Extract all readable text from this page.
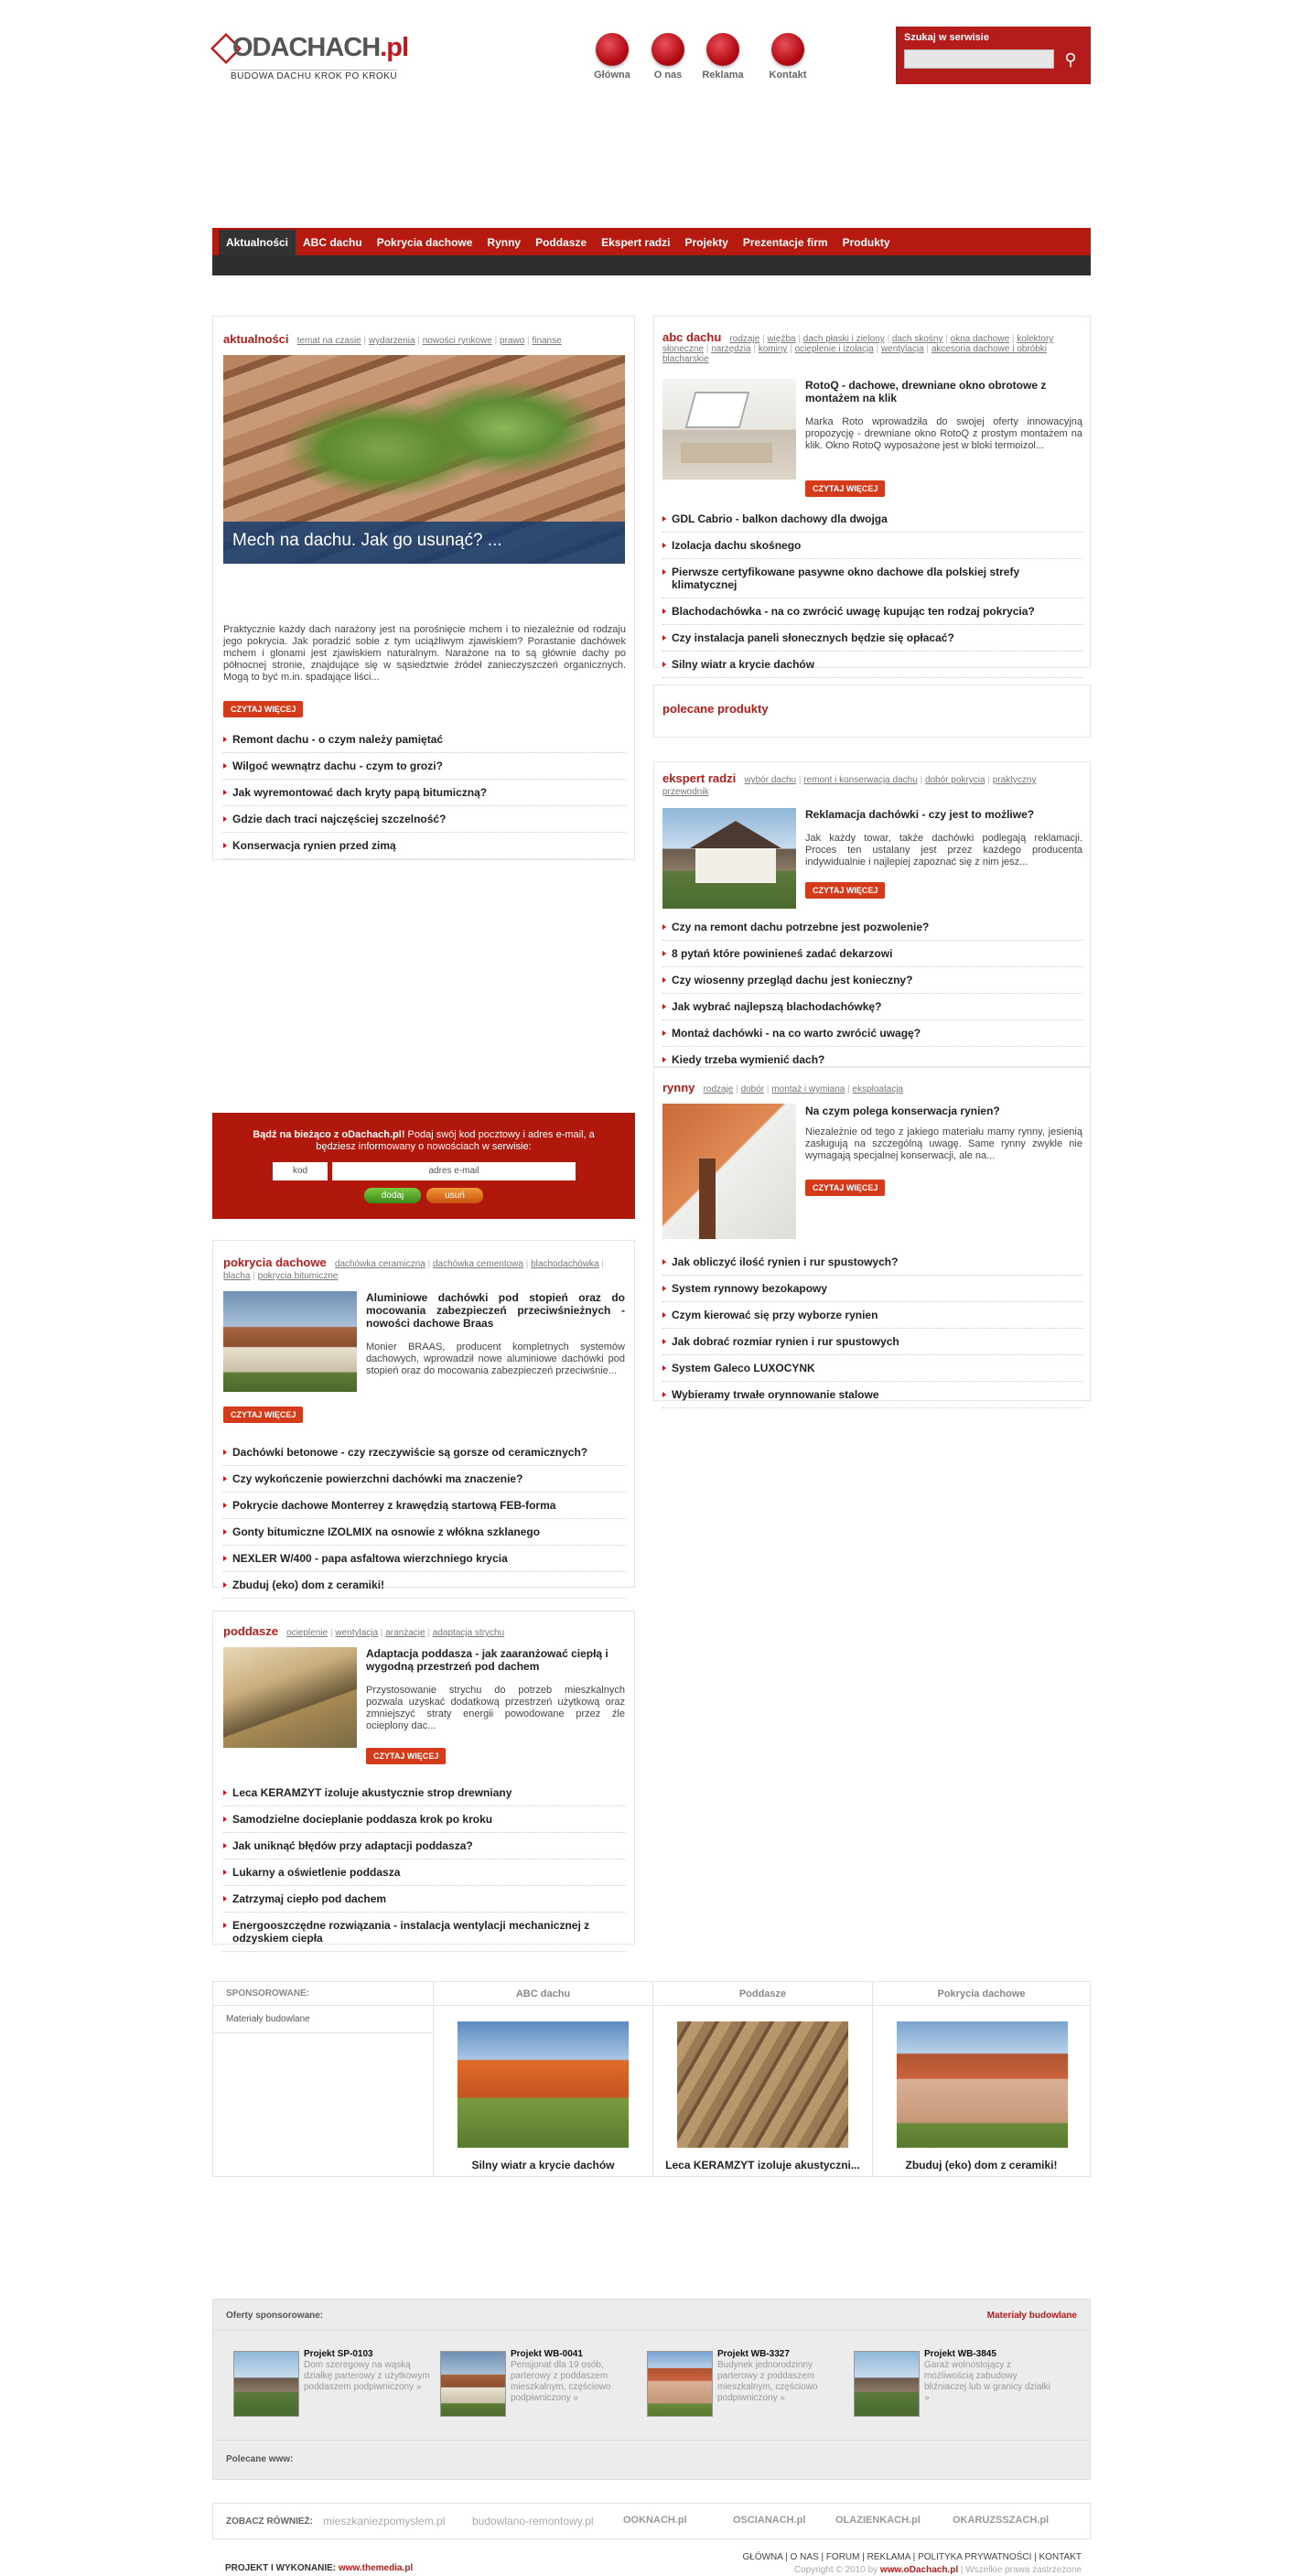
ODACHACH.pl
BUDOWA DACHU KROK PO KROKU	Główna	O nas	Reklama	Kontakt
Szukaj w serwisie
⚲
Aktualności ABC dachu Pokrycia dachowe Rynny Poddasze Ekspert radzi Projekty Prezentacje firm Produkty
aktualności temat na czasie | wydarzenia | nowości rynkowe | prawo | finanse
Mech na dachu. Jak go usunąć? ...
Praktycznie każdy dach narażony jest na porośnięcie mchem i to niezależnie od rodzaju jego pokrycia. Jak poradzić sobie z tym uciążliwym zjawiskiem? Porastanie dachówek mchem i glonami jest zjawiskiem naturalnym. Narażone na to są głównie dachy po północnej stronie, znajdujące się w sąsiedztwie źródeł zanieczyszczeń organicznych. Mogą to być m.in. spadające liści...
CZYTAJ WIĘCEJ
Remont dachu - o czym należy pamiętać
Wilgoć wewnątrz dachu - czym to grozi?
Jak wyremontować dach kryty papą bitumiczną?
Gdzie dach traci najczęściej szczelność?
Konserwacja rynien przed zimą
abc dachu rodzaje | więźba | dach płaski i zielony | dach skośny | okna dachowe | kolektory słoneczne | narzędzia | kominy | ocieplenie i izolacja | wentylacja | akcesoria dachowe i obróbki blacharskie
RotoQ - dachowe, drewniane okno obrotowe z montażem na klik
Marka Roto wprowadziła do swojej oferty innowacyjną propozycję - drewniane okno RotoQ z prostym montażem na klik. Okno RotoQ wyposażone jest w bloki termoizol...
CZYTAJ WIĘCEJ
GDL Cabrio - balkon dachowy dla dwojga
Izolacja dachu skośnego
Pierwsze certyfikowane pasywne okno dachowe dla polskiej strefy klimatycznej
Blachodachówka - na co zwrócić uwagę kupując ten rodzaj pokrycia?
Czy instalacja paneli słonecznych będzie się opłacać?
Silny wiatr a krycie dachów
polecane produkty
ekspert radzi wybór dachu | remont i konserwacja dachu | dobór pokrycia | praktyczny przewodnik
Reklamacja dachówki - czy jest to możliwe?
Jak każdy towar, także dachówki podlegają reklamacji. Proces ten ustalany jest przez każdego producenta indywidualnie i najlepiej zapoznać się z nim jesz...
CZYTAJ WIĘCEJ
Czy na remont dachu potrzebne jest pozwolenie?
8 pytań które powinieneś zadać dekarzowi
Czy wiosenny przegląd dachu jest konieczny?
Jak wybrać najlepszą blachodachówkę?
Montaż dachówki - na co warto zwrócić uwagę?
Kiedy trzeba wymienić dach?
rynny rodzaje | dobór | montaż i wymiana | eksploatacja
Na czym polega konserwacja rynien?
Niezależnie od tego z jakiego materiału mamy rynny, jesienią zasługują na szczególną uwagę. Same rynny zwykle nie wymagają specjalnej konserwacji, ale na...
CZYTAJ WIĘCEJ
Jak obliczyć ilość rynien i rur spustowych?
System rynnowy bezokapowy
Czym kierować się przy wyborze rynien
Jak dobrać rozmiar rynien i rur spustowych
System Galeco LUXOCYNK
Wybieramy trwałe orynnowanie stalowe
Bądź na bieżąco z oDachach.pl! Podaj swój kod pocztowy i adres e-mail, a będziesz informowany o nowościach w serwisie:
kod	adres e-mail
dodaj	usuń
pokrycia dachowe dachówka ceramiczna | dachówka cementowa | blachodachówka | blacha | pokrycia bitumiczne
Aluminiowe dachówki pod stopień oraz do mocowania zabezpieczeń przeciwśnieżnych - nowości dachowe Braas
Monier BRAAS, producent kompletnych systemów dachowych, wprowadził nowe aluminiowe dachówki pod stopień oraz do mocowania zabezpieczeń przeciwśnie...
CZYTAJ WIĘCEJ
Dachówki betonowe - czy rzeczywiście są gorsze od ceramicznych?
Czy wykończenie powierzchni dachówki ma znaczenie?
Pokrycie dachowe Monterrey z krawędzią startową FEB-forma
Gonty bitumiczne IZOLMIX na osnowie z włókna szklanego
NEXLER W/400 - papa asfaltowa wierzchniego krycia
Zbuduj (eko) dom z ceramiki!
poddasze ocieplenie | wentylacja | aranżacje | adaptacja strychu
Adaptacja poddasza - jak zaaranżować ciepłą i wygodną przestrzeń pod dachem
Przystosowanie strychu do potrzeb mieszkalnych pozwala uzyskać dodatkową przestrzeń użytkową oraz zmniejszyć straty energii powodowane przez źle ocieplony dac...
CZYTAJ WIĘCEJ
Leca KERAMZYT izoluje akustycznie strop drewniany
Samodzielne docieplanie poddasza krok po kroku
Jak uniknąć błędów przy adaptacji poddasza?
Lukarny a oświetlenie poddasza
Zatrzymaj ciepło pod dachem
Energooszczędne rozwiązania - instalacja wentylacji mechanicznej z odzyskiem ciepła
SPONSOROWANE:
Materiały budowlane
ABC dachu
Silny wiatr a krycie dachów
Poddasze
Leca KERAMZYT izoluje akustyczni...
Pokrycia dachowe
Zbuduj (eko) dom z ceramiki!
Oferty sponsorowane:	Materiały budowlane
Projekt SP-0103
Dom szeregowy na wąską działkę parterowy z użytkowym poddaszem podpiwniczony »
Projekt WB-0041
Pensjonat dla 19 osób, parterowy z poddaszem mieszkalnym, częściowo podpiwniczony »
Projekt WB-3327
Budynek jednorodzinny parterowy z poddaszem mieszkalnym, częściowo podpiwniczony »
Projekt WB-3845
Garaż wolnostojący z możliwością zabudowy bliźniaczej lub w granicy działki »
Polecane www:
ZOBACZ RÓWNIEŻ: mieszkaniezpomyslem.pl budowlano-remontowy.pl	OOKNACH.pl	OSCIANACH.pl	OLAZIENKACH.pl	OKARUZSSZACH.pl
PROJEKT I WYKONANIE: www.themedia.pl
GŁÓWNA | O NAS | FORUM | REKLAMA | POLITYKA PRYWATNOŚCI | KONTAKT
Copyright © 2010 by www.oDachach.pl | Wszelkie prawa zastrzeżone
